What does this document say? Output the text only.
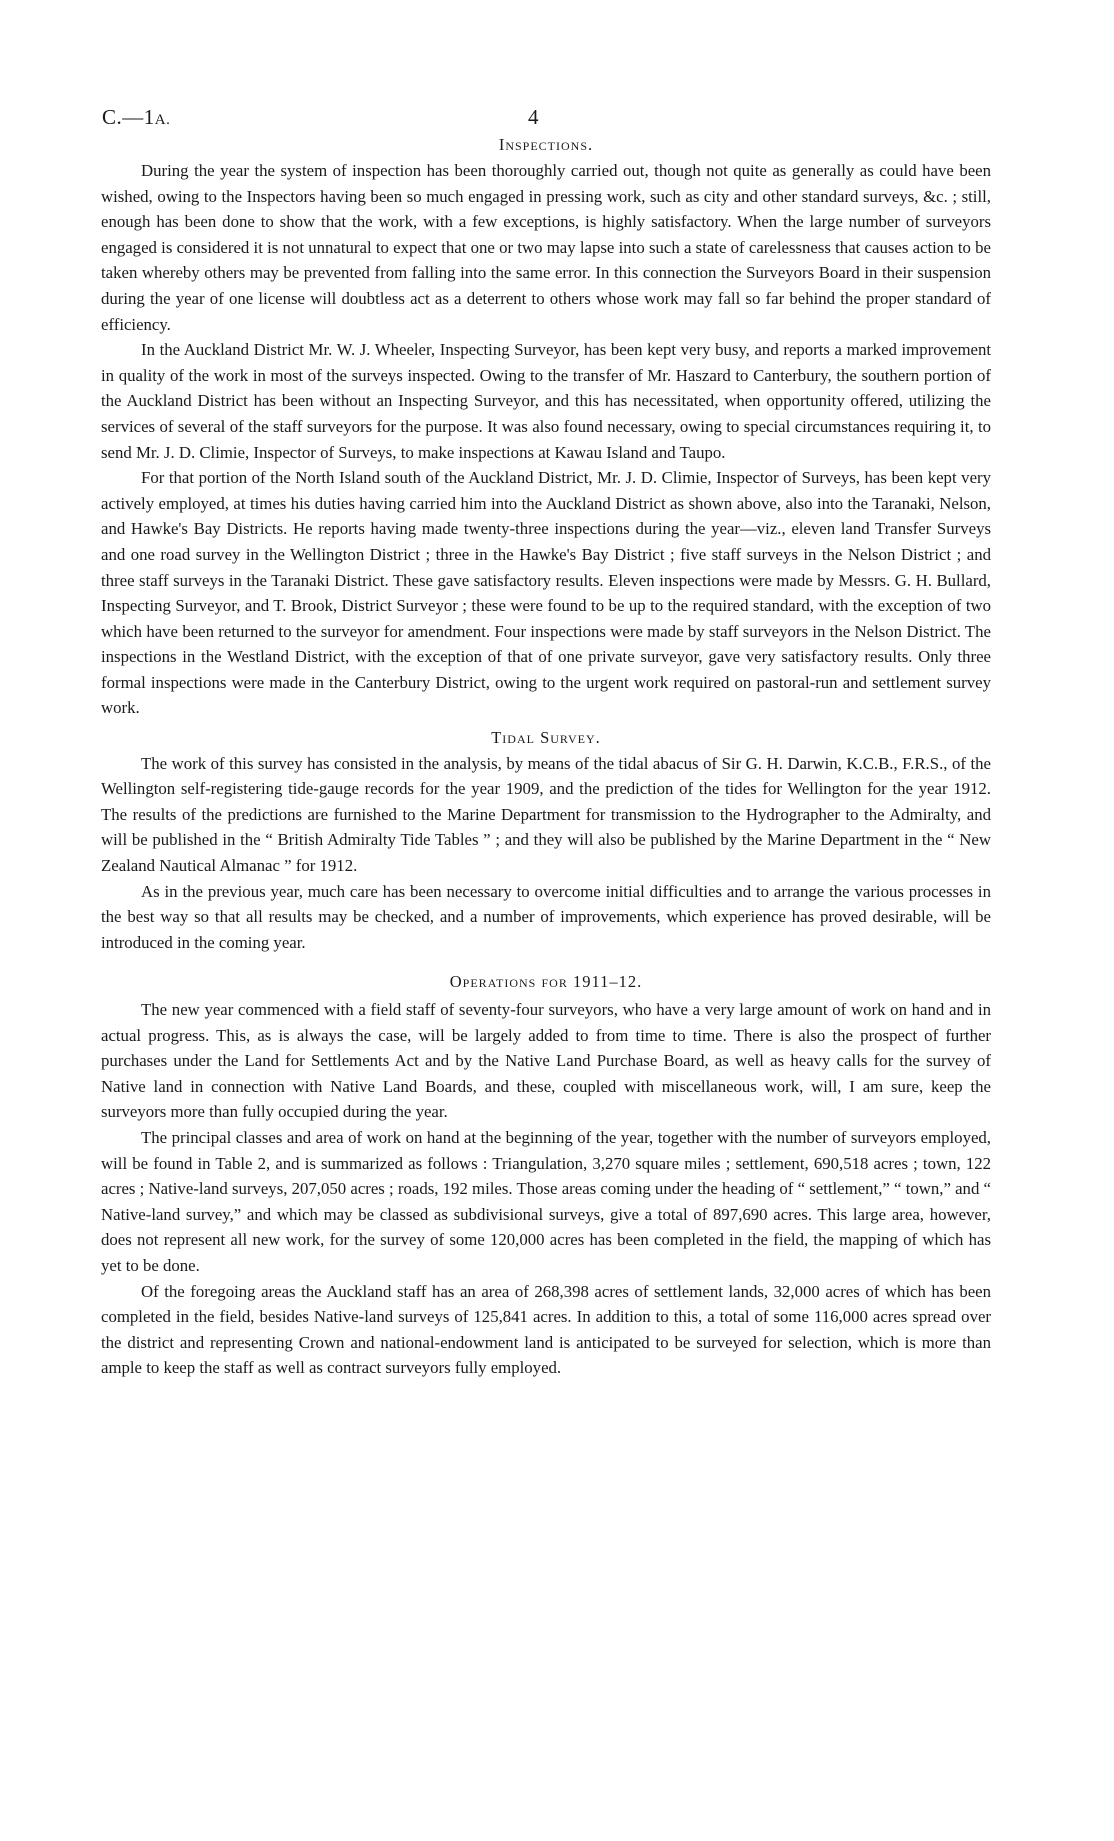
C.—1A.	4
Inspections.

During the year the system of inspection has been thoroughly carried out, though not quite as generally as could have been wished, owing to the Inspectors having been so much engaged in pressing work, such as city and other standard surveys, &c. ; still, enough has been done to show that the work, with a few exceptions, is highly satisfactory. When the large number of surveyors engaged is considered it is not unnatural to expect that one or two may lapse into such a state of carelessness that causes action to be taken whereby others may be prevented from falling into the same error. In this connection the Surveyors Board in their suspension during the year of one license will doubtless act as a deterrent to others whose work may fall so far behind the proper standard of efficiency.

In the Auckland District Mr. W. J. Wheeler, Inspecting Surveyor, has been kept very busy, and reports a marked improvement in quality of the work in most of the surveys inspected. Owing to the transfer of Mr. Haszard to Canterbury, the southern portion of the Auckland District has been without an Inspecting Surveyor, and this has necessitated, when opportunity offered, utilizing the services of several of the staff surveyors for the purpose. It was also found necessary, owing to special circumstances requiring it, to send Mr. J. D. Climie, Inspector of Surveys, to make inspections at Kawau Island and Taupo.

For that portion of the North Island south of the Auckland District, Mr. J. D. Climie, Inspector of Surveys, has been kept very actively employed, at times his duties having carried him into the Auckland District as shown above, also into the Taranaki, Nelson, and Hawke's Bay Districts. He reports having made twenty-three inspections during the year—viz., eleven land Transfer Surveys and one road survey in the Wellington District ; three in the Hawke's Bay District ; five staff surveys in the Nelson District ; and three staff surveys in the Taranaki District. These gave satisfactory results. Eleven inspections were made by Messrs. G. H. Bullard, Inspecting Surveyor, and T. Brook, District Surveyor ; these were found to be up to the required standard, with the exception of two which have been returned to the surveyor for amendment. Four inspections were made by staff surveyors in the Nelson District. The inspections in the Westland District, with the exception of that of one private surveyor, gave very satisfactory results. Only three formal inspections were made in the Canterbury District, owing to the urgent work required on pastoral-run and settlement survey work.

Tidal Survey.

The work of this survey has consisted in the analysis, by means of the tidal abacus of Sir G. H. Darwin, K.C.B., F.R.S., of the Wellington self-registering tide-gauge records for the year 1909, and the prediction of the tides for Wellington for the year 1912. The results of the predictions are furnished to the Marine Department for transmission to the Hydrographer to the Admiralty, and will be published in the “ British Admiralty Tide Tables ” ; and they will also be published by the Marine Department in the “ New Zealand Nautical Almanac ” for 1912.

As in the previous year, much care has been necessary to overcome initial difficulties and to arrange the various processes in the best way so that all results may be checked, and a number of improvements, which experience has proved desirable, will be introduced in the coming year.

Operations for 1911–12.

The new year commenced with a field staff of seventy-four surveyors, who have a very large amount of work on hand and in actual progress. This, as is always the case, will be largely added to from time to time. There is also the prospect of further purchases under the Land for Settlements Act and by the Native Land Purchase Board, as well as heavy calls for the survey of Native land in connection with Native Land Boards, and these, coupled with miscellaneous work, will, I am sure, keep the surveyors more than fully occupied during the year.

The principal classes and area of work on hand at the beginning of the year, together with the number of surveyors employed, will be found in Table 2, and is summarized as follows : Triangulation, 3,270 square miles ; settlement, 690,518 acres ; town, 122 acres ; Native-land surveys, 207,050 acres ; roads, 192 miles. Those areas coming under the heading of “ settlement,” “ town,” and “ Native-land survey,” and which may be classed as subdivisional surveys, give a total of 897,690 acres. This large area, however, does not represent all new work, for the survey of some 120,000 acres has been completed in the field, the mapping of which has yet to be done.

Of the foregoing areas the Auckland staff has an area of 268,398 acres of settlement lands, 32,000 acres of which has been completed in the field, besides Native-land surveys of 125,841 acres. In addition to this, a total of some 116,000 acres spread over the district and representing Crown and national-endowment land is anticipated to be surveyed for selection, which is more than ample to keep the staff as well as contract surveyors fully employed.
